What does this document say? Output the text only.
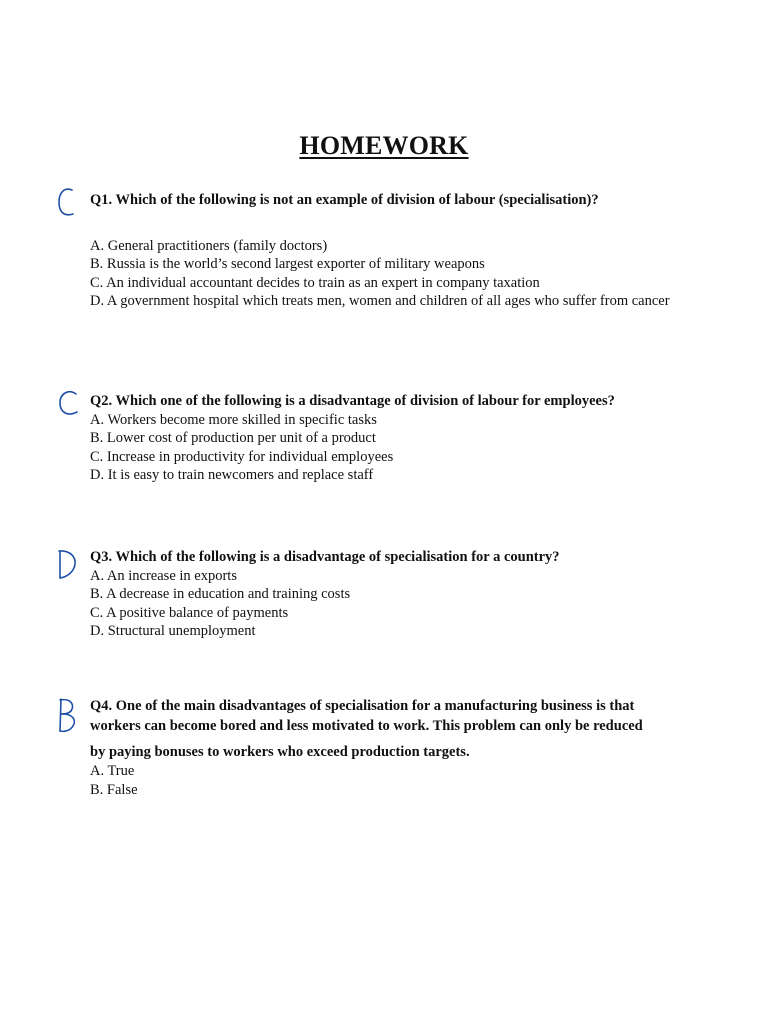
HOMEWORK
Q1. Which of the following is not an example of division of labour (specialisation)?
A. General practitioners (family doctors)
B. Russia is the world’s second largest exporter of military weapons
C. An individual accountant decides to train as an expert in company taxation
D. A government hospital which treats men, women and children of all ages who suffer from cancer
Q2. Which one of the following is a disadvantage of division of labour for employees?
A. Workers become more skilled in specific tasks
B. Lower cost of production per unit of a product
C. Increase in productivity for individual employees
D. It is easy to train newcomers and replace staff
Q3. Which of the following is a disadvantage of specialisation for a country?
A. An increase in exports
B. A decrease in education and training costs
C. A positive balance of payments
D. Structural unemployment
Q4. One of the main disadvantages of specialisation for a manufacturing business is that
workers can become bored and less motivated to work. This problem can only be reduced
by paying bonuses to workers who exceed production targets.
A. True
B. False
